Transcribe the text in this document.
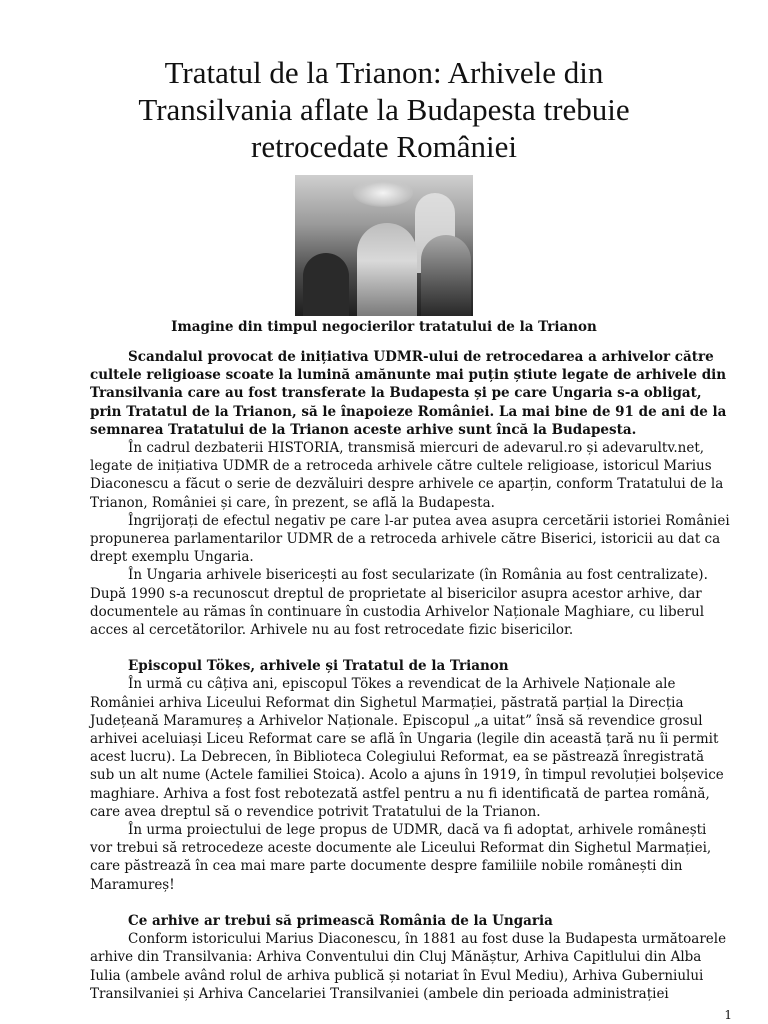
Tratatul de la Trianon: Arhivele din Transilvania aflate la Budapesta trebuie retrocedate României
Imagine din timpul negocierilor tratatului de la Trianon

Scandalul provocat de inițiativa UDMR-ului de retrocedarea a arhivelor către cultele religioase scoate la lumină amănunte mai puțin știute legate de arhivele din Transilvania care au fost transferate la Budapesta și pe care Ungaria s-a obligat, prin Tratatul de la Trianon, să le înapoieze României. La mai bine de 91 de ani de la semnarea Tratatului de la Trianon aceste arhive sunt încă la Budapesta.

În cadrul dezbaterii HISTORIA, transmisă miercuri de adevarul.ro și adevarultv.net, legate de inițiativa UDMR de a retroceda arhivele către cultele religioase, istoricul Marius Diaconescu a făcut o serie de dezvăluiri despre arhivele ce aparțin, conform Tratatului de la Trianon, României și care, în prezent, se află la Budapesta.

Îngrijorați de efectul negativ pe care l-ar putea avea asupra cercetării istoriei României propunerea parlamentarilor UDMR de a retroceda arhivele către Biserici, istoricii au dat ca drept exemplu Ungaria.

În Ungaria arhivele bisericești au fost secularizate (în România au fost centralizate). După 1990 s-a recunoscut dreptul de proprietate al bisericilor asupra acestor arhive, dar documentele au rămas în continuare în custodia Arhivelor Naționale Maghiare, cu liberul acces al cercetătorilor. Arhivele nu au fost retrocedate fizic bisericilor.

Episcopul Tökes, arhivele și Tratatul de la Trianon

În urmă cu câțiva ani, episcopul Tökes a revendicat de la Arhivele Naționale ale României arhiva Liceului Reformat din Sighetul Marmației, păstrată parțial la Direcția Județeană Maramureș a Arhivelor Naționale. Episcopul „a uitat” însă să revendice grosul arhivei aceluiași Liceu Reformat care se află în Ungaria (legile din această țară nu îi permit acest lucru). La Debrecen, în Biblioteca Colegiului Reformat, ea se păstrează înregistrată sub un alt nume (Actele familiei Stoica). Acolo a ajuns în 1919, în timpul revoluției bolșevice maghiare. Arhiva a fost fost rebotezată astfel pentru a nu fi identificată de partea română, care avea dreptul să o revendice potrivit Tratatului de la Trianon.

În urma proiectului de lege propus de UDMR, dacă va fi adoptat, arhivele românești vor trebui să retrocedeze aceste documente ale Liceului Reformat din Sighetul Marmației, care păstrează în cea mai mare parte documente despre familiile nobile românești din Maramureș!

Ce arhive ar trebui să primească România de la Ungaria

Conform istoricului Marius Diaconescu, în 1881 au fost duse la Budapesta următoarele arhive din Transilvania: Arhiva Conventului din Cluj Mănăștur, Arhiva Capitlului din Alba Iulia (ambele având rolul de arhiva publică și notariat în Evul Mediu), Arhiva Guberniului Transilvaniei și Arhiva Cancelariei Transilvaniei (ambele din perioada administrației

1
